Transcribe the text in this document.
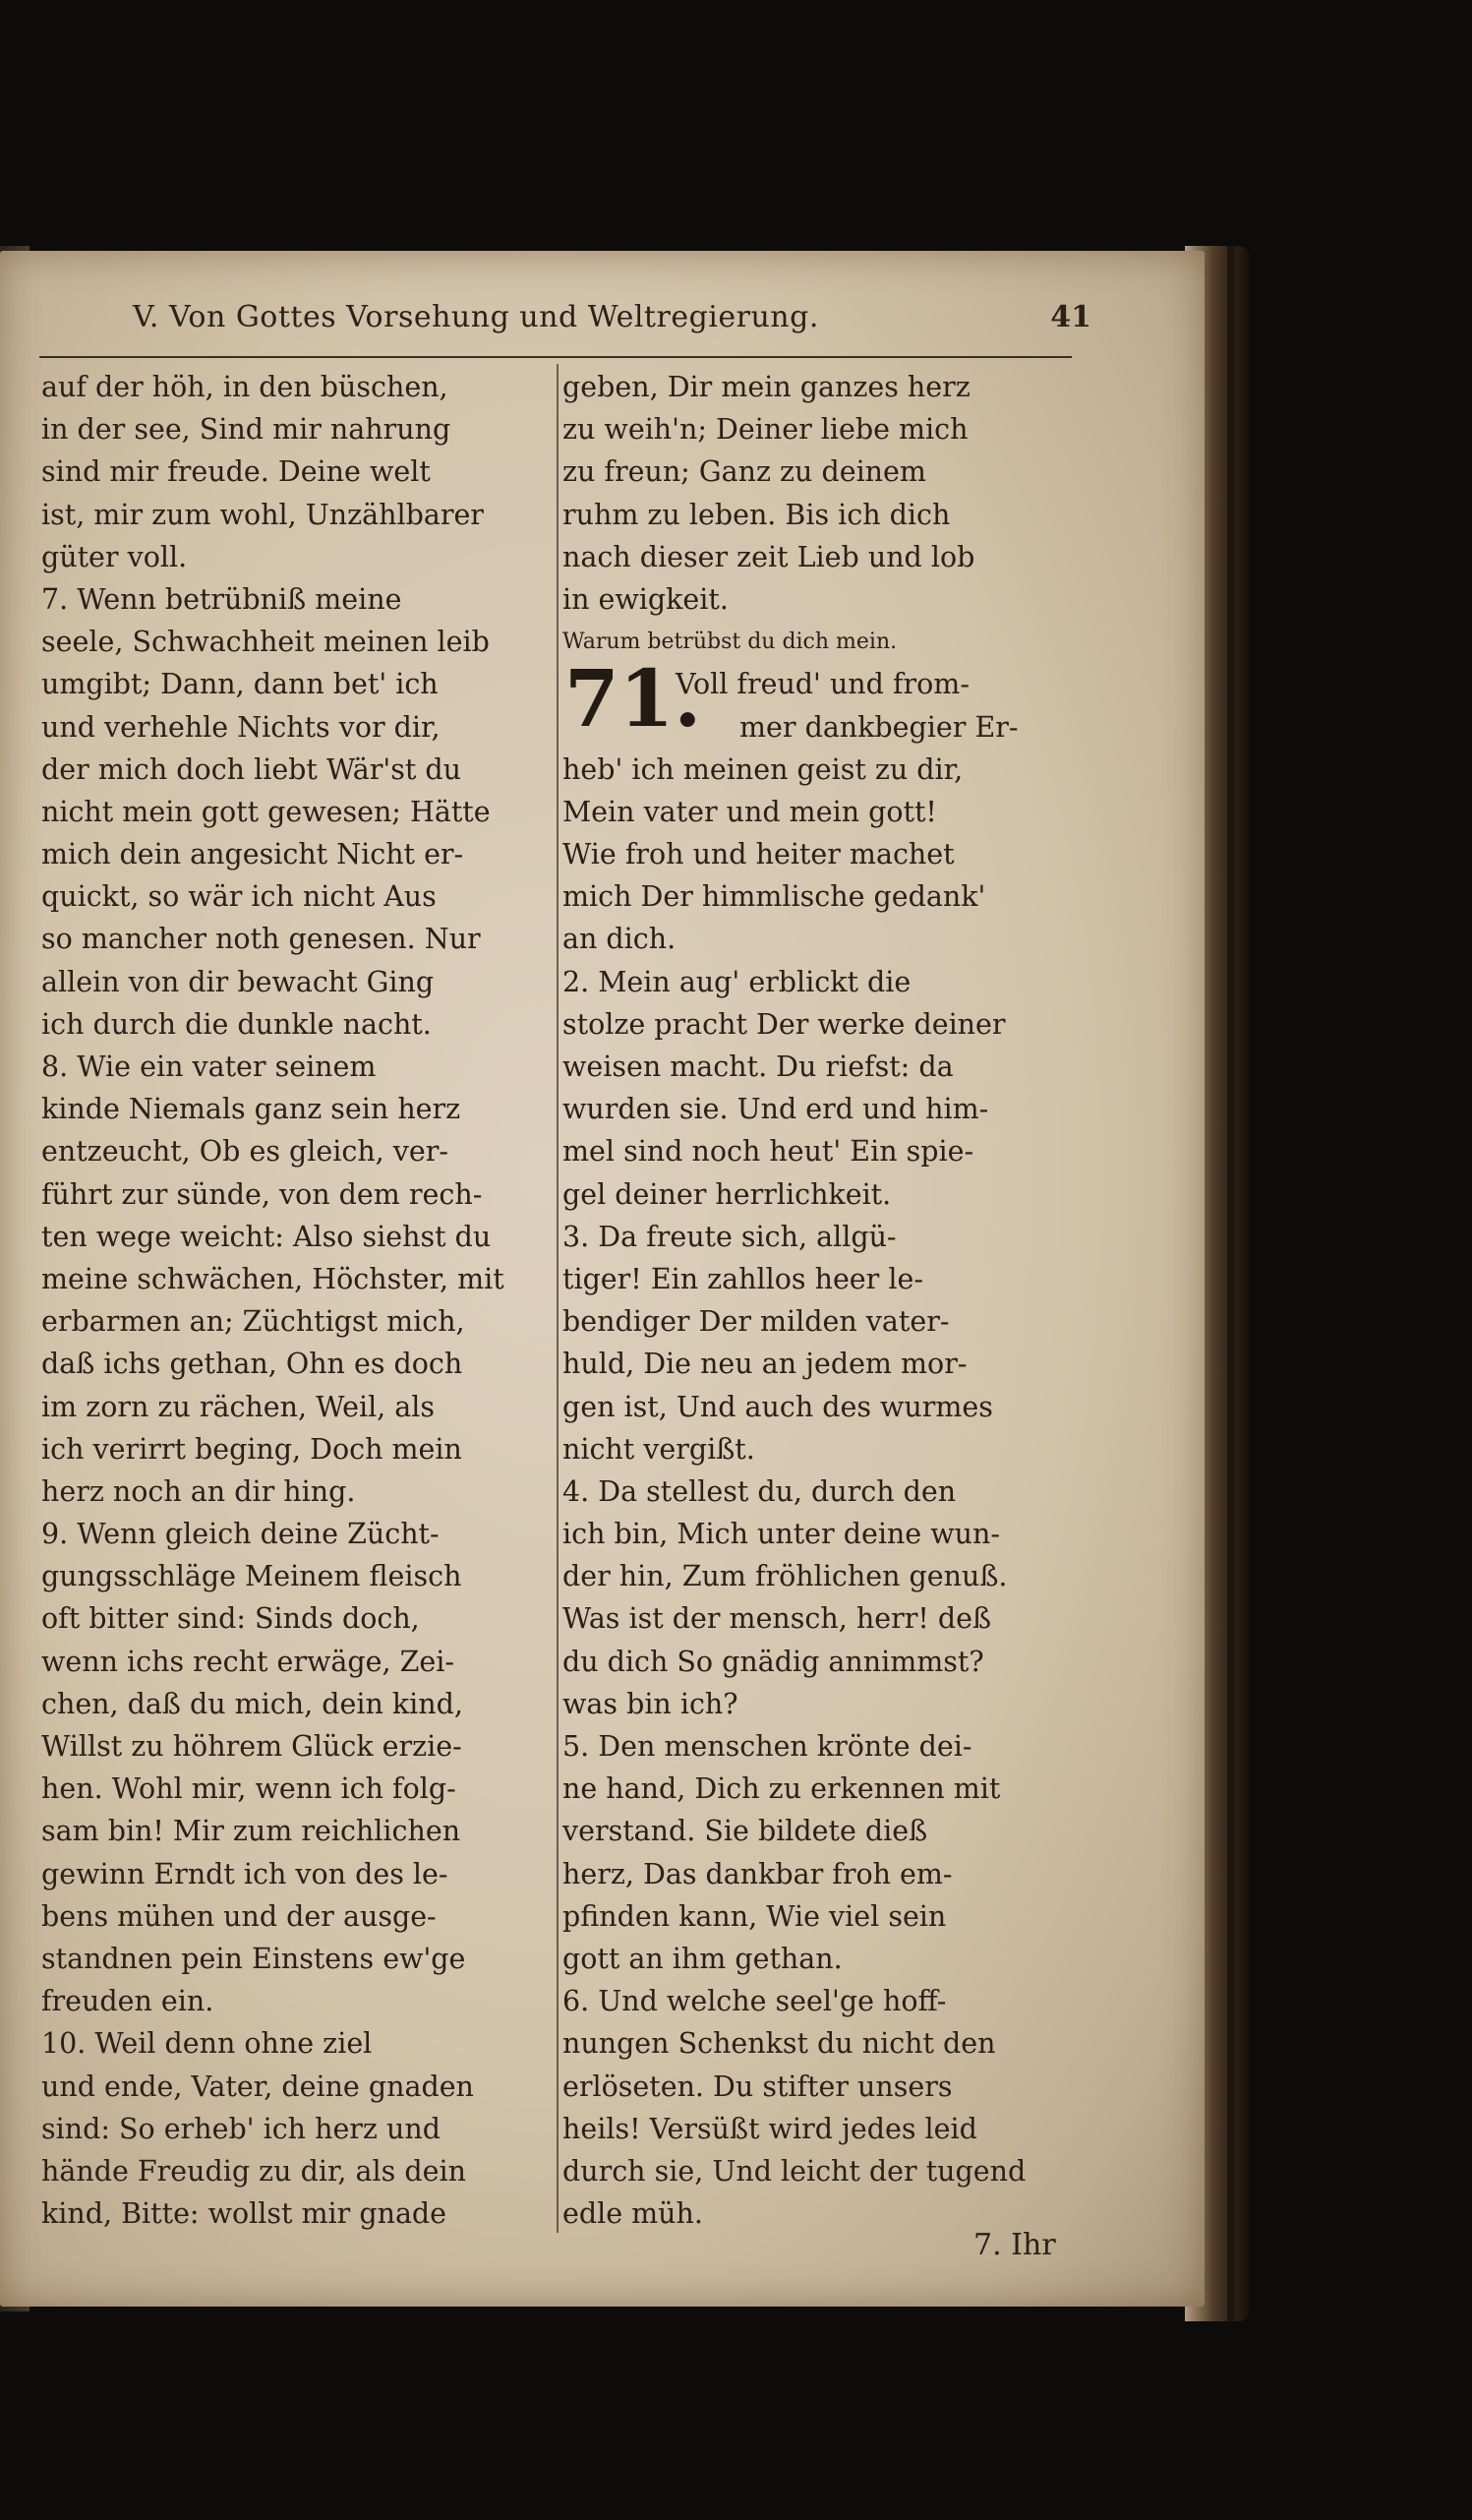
V. Von Gottes Vorsehung und Weltregierung.	41
auf der höh, in den büschen,
in der see, Sind mir nahrung
sind mir freude. Deine welt
ist, mir zum wohl, Unzählbarer
güter voll.
7. Wenn betrübniß meine
seele, Schwachheit meinen leib
umgibt; Dann, dann bet' ich
und verhehle Nichts vor dir,
der mich doch liebt Wär'st du
nicht mein gott gewesen; Hätte
mich dein angesicht Nicht er-
quickt, so wär ich nicht Aus
so mancher noth genesen. Nur
allein von dir bewacht Ging
ich durch die dunkle nacht.
8. Wie ein vater seinem
kinde Niemals ganz sein herz
entzeucht, Ob es gleich, ver-
führt zur sünde, von dem rech-
ten wege weicht: Also siehst du
meine schwächen, Höchster, mit
erbarmen an; Züchtigst mich,
daß ichs gethan, Ohn es doch
im zorn zu rächen, Weil, als
ich verirrt beging, Doch mein
herz noch an dir hing.
9. Wenn gleich deine Zücht-
gungsschläge Meinem fleisch
oft bitter sind: Sinds doch,
wenn ichs recht erwäge, Zei-
chen, daß du mich, dein kind,
Willst zu höhrem Glück erzie-
hen. Wohl mir, wenn ich folg-
sam bin! Mir zum reichlichen
gewinn Erndt ich von des le-
bens mühen und der ausge-
standnen pein Einstens ew'ge
freuden ein.
10. Weil denn ohne ziel
und ende, Vater, deine gnaden
sind: So erheb' ich herz und
hände Freudig zu dir, als dein
kind, Bitte: wollst mir gnade
geben, Dir mein ganzes herz
zu weih'n; Deiner liebe mich
zu freun; Ganz zu deinem
ruhm zu leben. Bis ich dich
nach dieser zeit Lieb und lob
in ewigkeit.
Warum betrübst du dich mein.
Voll freud' und from-
mer dankbegier Er-
heb' ich meinen geist zu dir,
Mein vater und mein gott!
Wie froh und heiter machet
mich Der himmlische gedank'
an dich.
2. Mein aug' erblickt die
stolze pracht Der werke deiner
weisen macht. Du riefst: da
wurden sie. Und erd und him-
mel sind noch heut' Ein spie-
gel deiner herrlichkeit.
3. Da freute sich, allgü-
tiger! Ein zahllos heer le-
bendiger Der milden vater-
huld, Die neu an jedem mor-
gen ist, Und auch des wurmes
nicht vergißt.
4. Da stellest du, durch den
ich bin, Mich unter deine wun-
der hin, Zum fröhlichen genuß.
Was ist der mensch, herr! deß
du dich So gnädig annimmst?
was bin ich?
5. Den menschen krönte dei-
ne hand, Dich zu erkennen mit
verstand. Sie bildete dieß
herz, Das dankbar froh em-
pfinden kann, Wie viel sein
gott an ihm gethan.
6. Und welche seel'ge hoff-
nungen Schenkst du nicht den
erlöseten. Du stifter unsers
heils! Versüßt wird jedes leid
durch sie, Und leicht der tugend
edle müh.
71.
7. Ihr
